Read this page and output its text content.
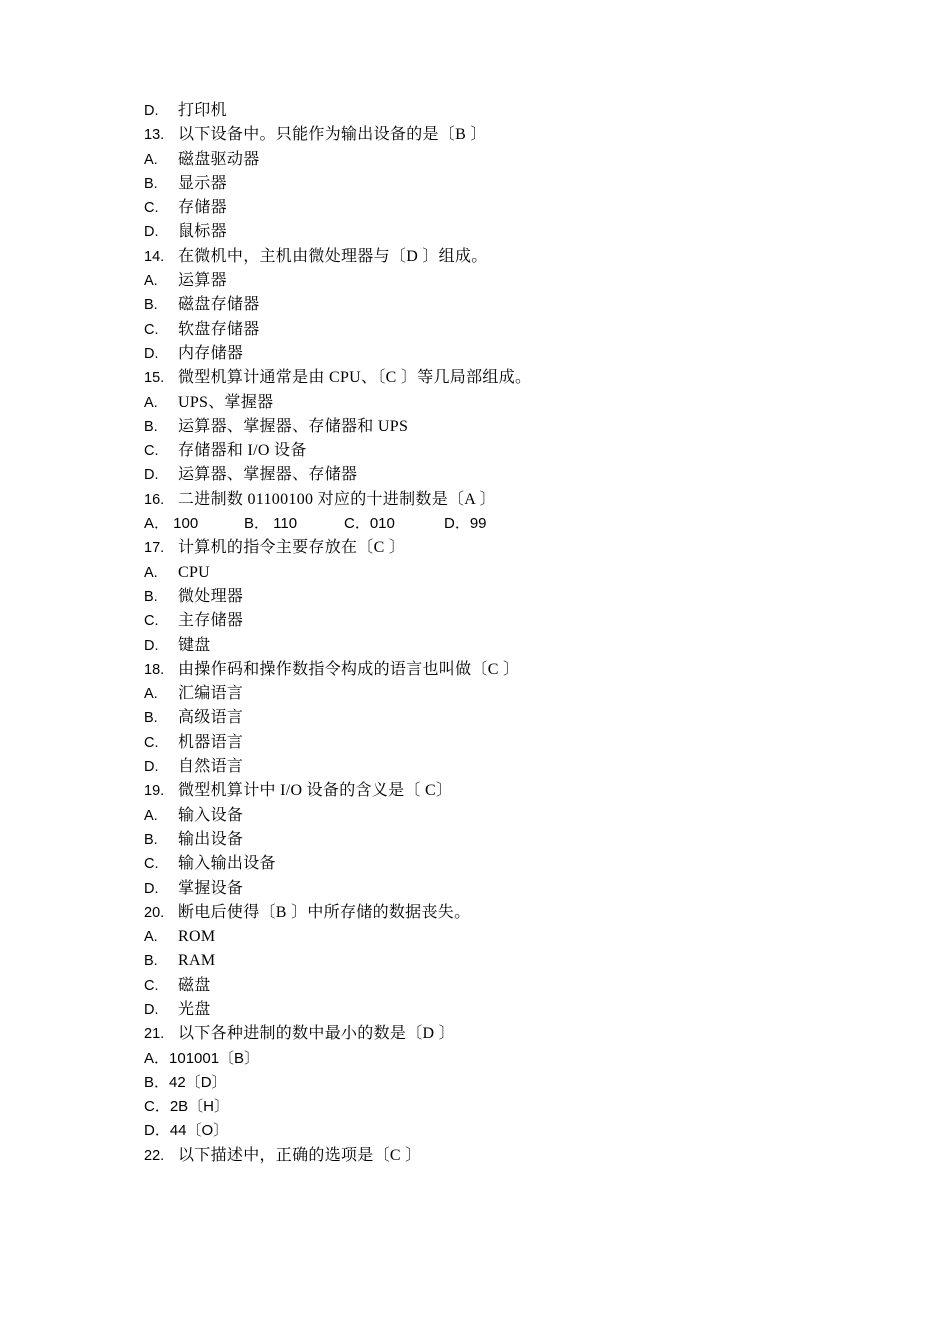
D. 打印机
13. 以下设备中。只能作为输出设备的是〔B 〕
A. 磁盘驱动器
B. 显示器
C. 存储器
D. 鼠标器
14. 在微机中，主机由微处理器与〔D 〕组成。
A. 运算器
B. 磁盘存储器
C. 软盘存储器
D. 内存储器
15. 微型机算计通常是由 CPU、〔C 〕等几局部组成。
A. UPS、掌握器
B. 运算器、掌握器、存储器和 UPS
C. 存储器和 I/O 设备
D. 运算器、掌握器、存储器
16. 二进制数 01100100 对应的十进制数是〔A 〕
A． 100	B． 110	C．010	D．99
17. 计算机的指令主要存放在〔C 〕
A. CPU
B. 微处理器
C. 主存储器
D. 键盘
18. 由操作码和操作数指令构成的语言也叫做〔C 〕
A. 汇编语言
B. 高级语言
C. 机器语言
D. 自然语言
19. 微型机算计中 I/O 设备的含义是〔 C〕
A. 输入设备
B. 输出设备
C. 输入输出设备
D. 掌握设备
20. 断电后使得〔B 〕中所存储的数据丧失。
A. ROM
B. RAM
C. 磁盘
D. 光盘
21. 以下各种进制的数中最小的数是〔D 〕
A．101001〔B〕
B．42〔D〕
C．2B〔H〕
D．44〔O〕
22. 以下描述中，正确的选项是〔C 〕
